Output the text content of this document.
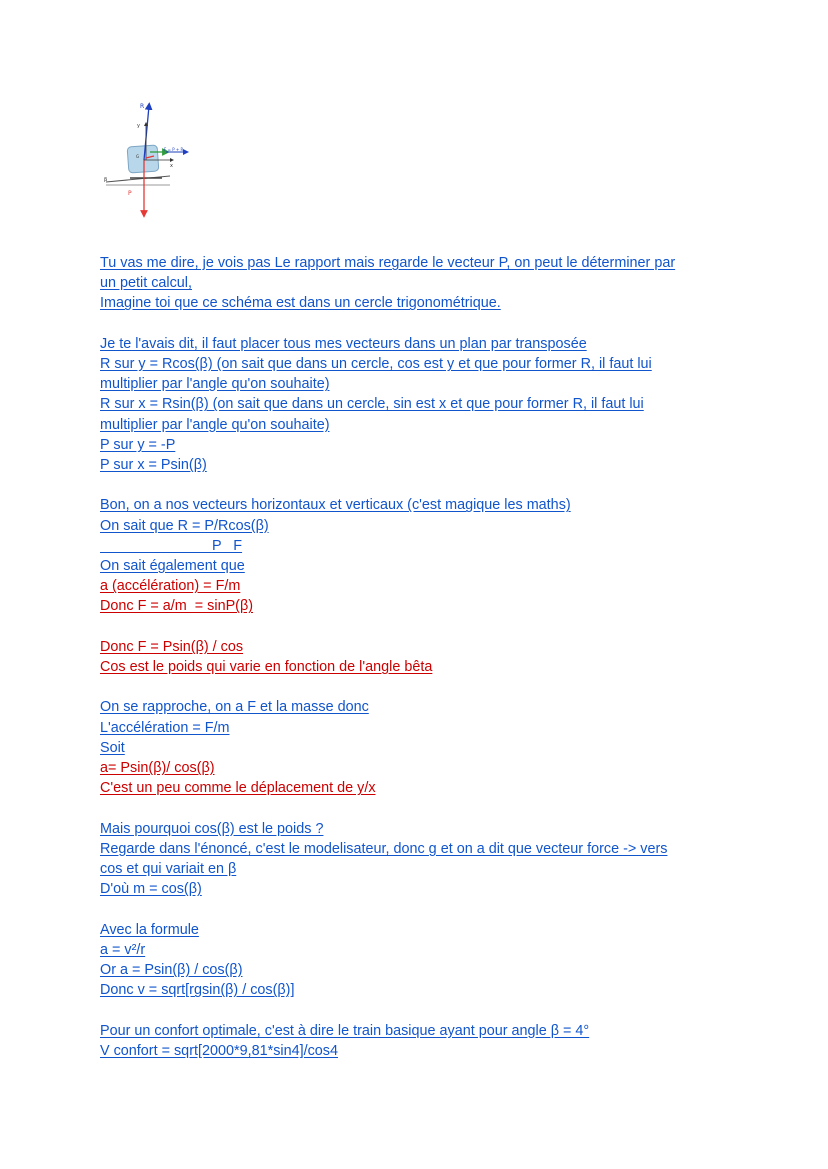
R
y
F = P + R
x
G
β
P
Tu vas me dire, je vois pas Le rapport mais regarde le vecteur P, on peut le déterminer par
un petit calcul,
Imagine toi que ce schéma est dans un cercle trigonométrique.
Je te l'avais dit, il faut placer tous mes vecteurs dans un plan par transposée
R sur y = Rcos(β) (on sait que dans un cercle, cos est y et que pour former R, il faut lui
multiplier par l'angle qu'on souhaite)
R sur x = Rsin(β) (on sait que dans un cercle, sin est x et que pour former R, il faut lui
multiplier par l'angle qu'on souhaite)
P sur y = -P
P sur x = Psin(β)
Bon, on a nos vecteurs horizontaux et verticaux (c'est magique les maths)
On sait que R = P/Rcos(β)
P   F
On sait également que
a (accélération) = F/m
Donc F = a/m  = sinP(β)
Donc F = Psin(β) / cos
Cos est le poids qui varie en fonction de l'angle bêta
On se rapproche, on a F et la masse donc
L'accélération = F/m
Soit
a= Psin(β)/ cos(β)
C'est un peu comme le déplacement de y/x
Mais pourquoi cos(β) est le poids ?
Regarde dans l'énoncé, c'est le modelisateur, donc g et on a dit que vecteur force -> vers
cos et qui variait en β
D'où m = cos(β)
Avec la formule
a = v²/r
Or a = Psin(β) / cos(β)
Donc v = sqrt[rgsin(β) / cos(β)]
Pour un confort optimale, c'est à dire le train basique ayant pour angle β = 4°
V confort = sqrt[2000*9,81*sin4]/cos4
